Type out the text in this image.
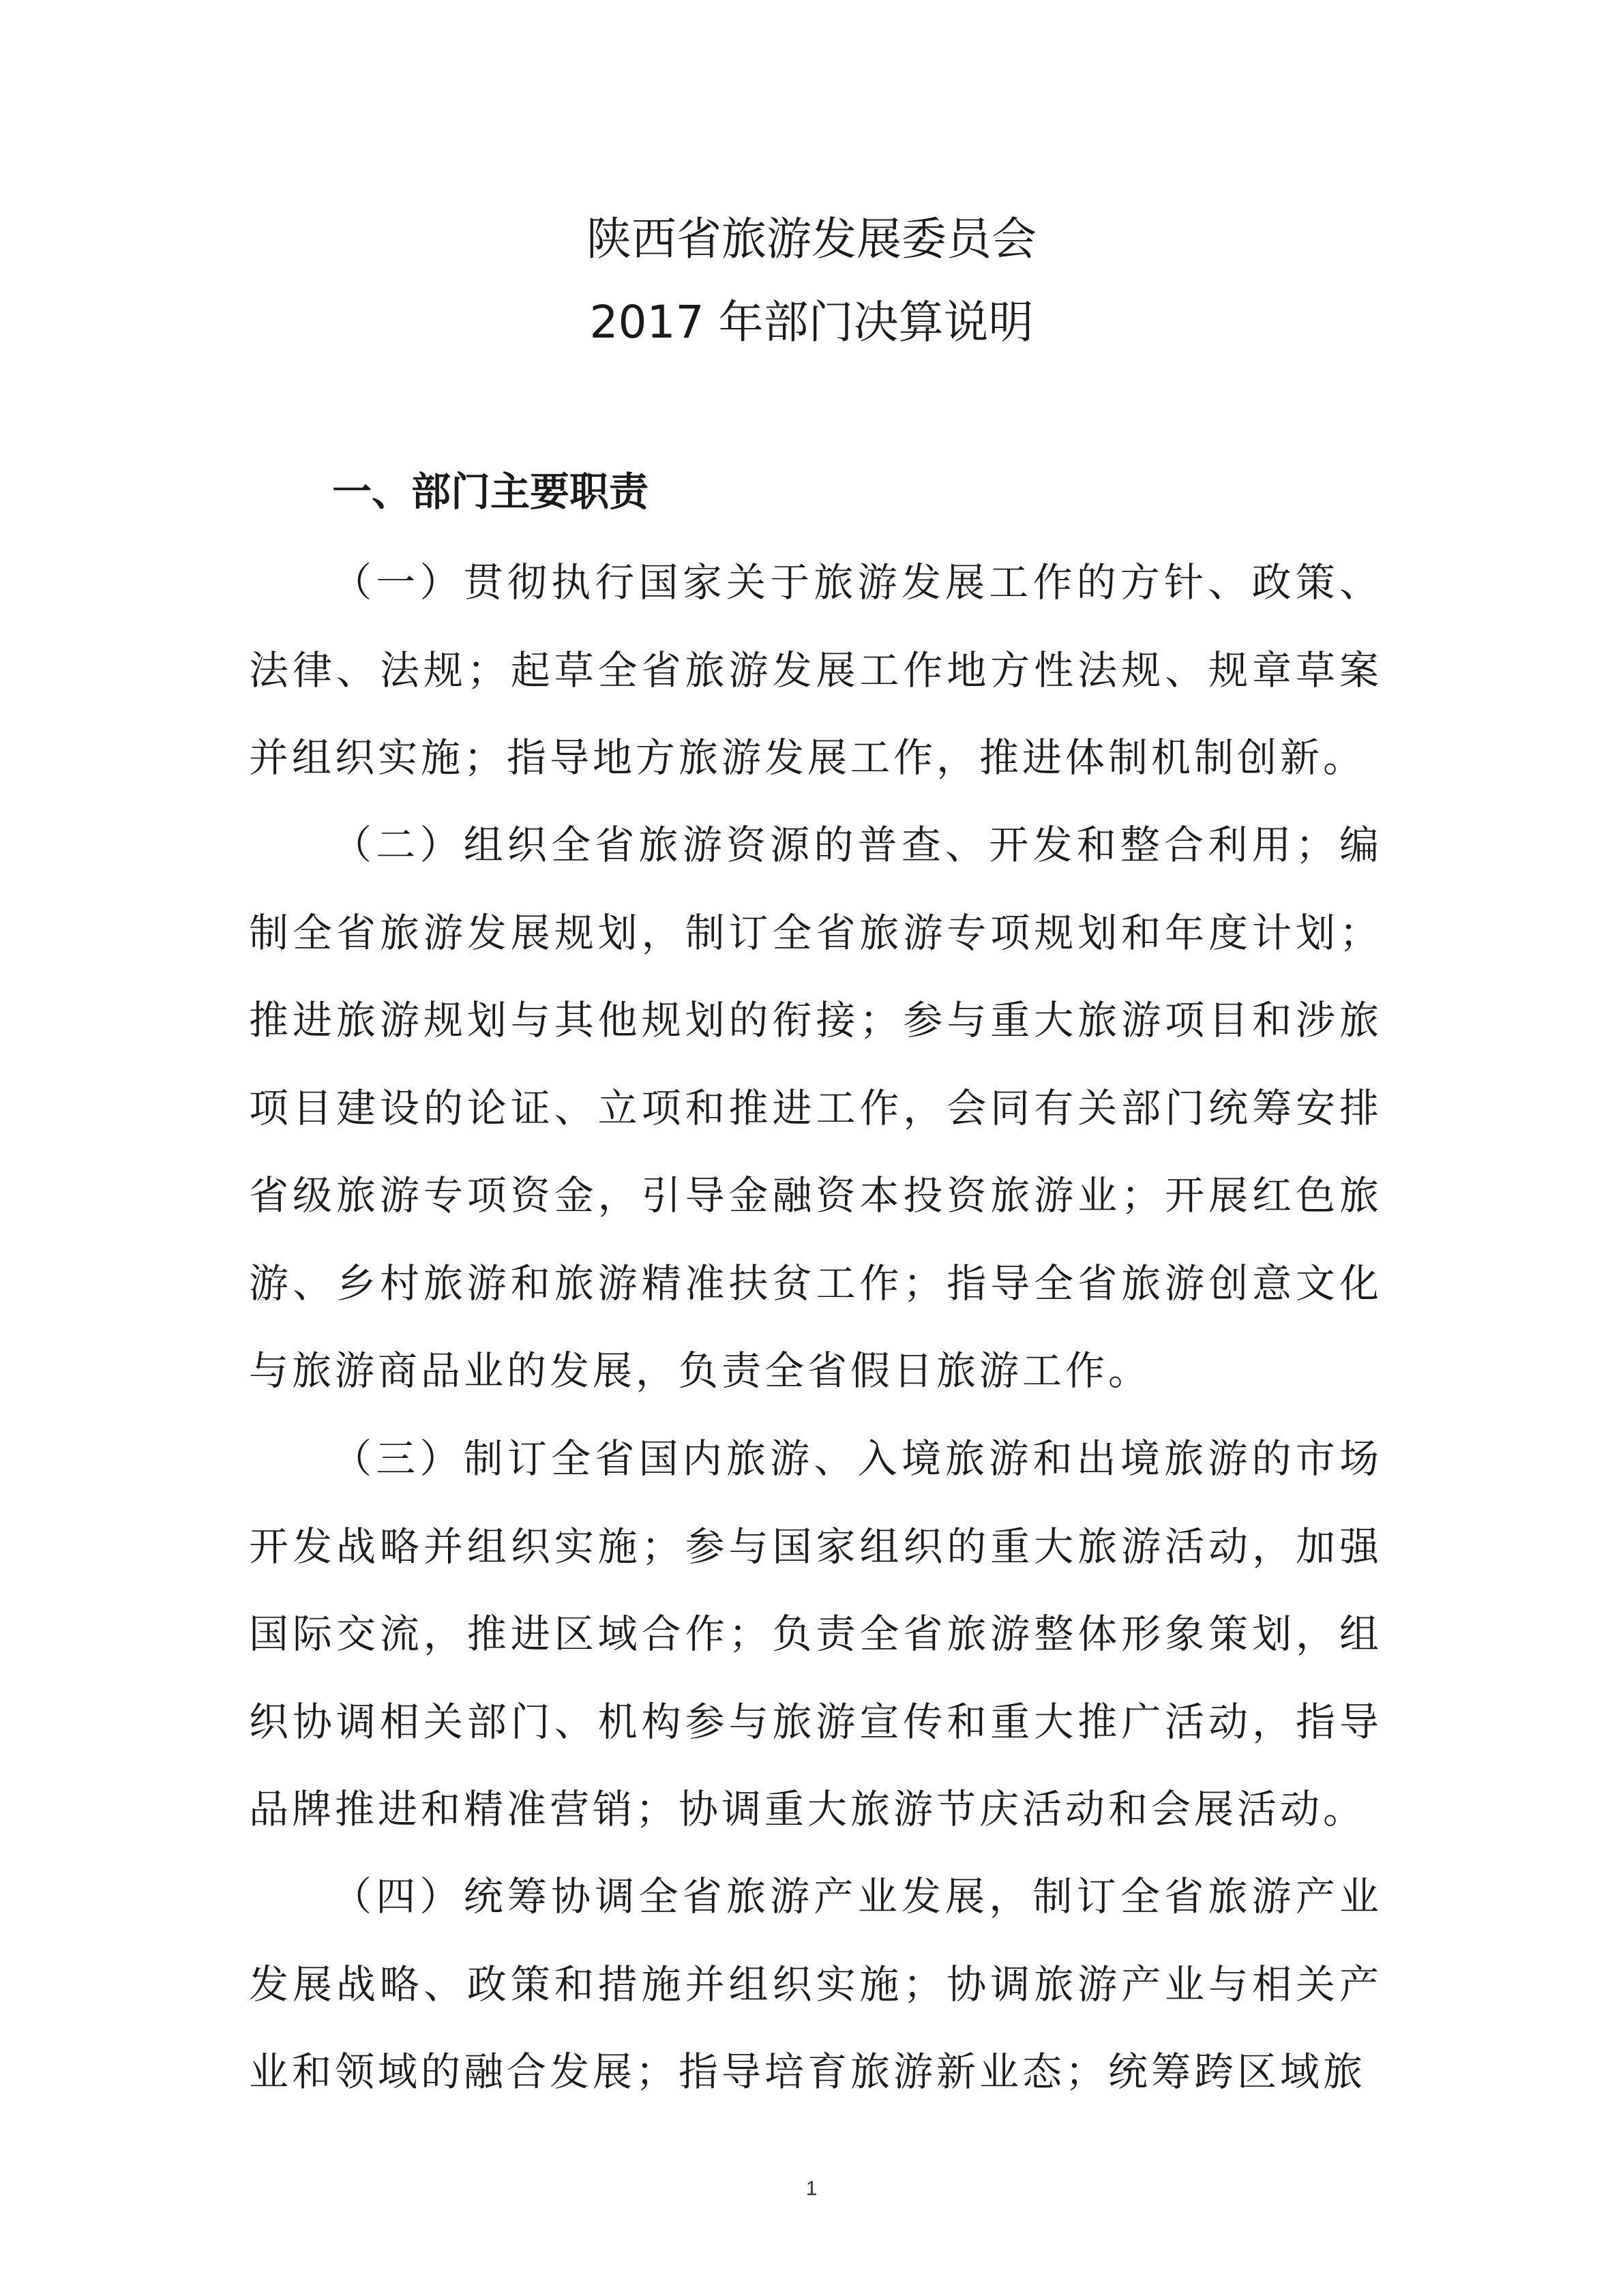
陕西省旅游发展委员会
2017 年部门决算说明
一、部门主要职责

（一）贯彻执行国家关于旅游发展工作的方针、政策、法律、法规；起草全省旅游发展工作地方性法规、规章草案并组织实施；指导地方旅游发展工作，推进体制机制创新。

（二）组织全省旅游资源的普查、开发和整合利用；编制全省旅游发展规划，制订全省旅游专项规划和年度计划；推进旅游规划与其他规划的衔接；参与重大旅游项目和涉旅项目建设的论证、立项和推进工作，会同有关部门统筹安排省级旅游专项资金，引导金融资本投资旅游业；开展红色旅游、乡村旅游和旅游精准扶贫工作；指导全省旅游创意文化与旅游商品业的发展，负责全省假日旅游工作。

（三）制订全省国内旅游、入境旅游和出境旅游的市场开发战略并组织实施；参与国家组织的重大旅游活动，加强国际交流，推进区域合作；负责全省旅游整体形象策划，组织协调相关部门、机构参与旅游宣传和重大推广活动，指导品牌推进和精准营销；协调重大旅游节庆活动和会展活动。

（四）统筹协调全省旅游产业发展，制订全省旅游产业发展战略、政策和措施并组织实施；协调旅游产业与相关产业和领域的融合发展；指导培育旅游新业态；统筹跨区域旅

1
